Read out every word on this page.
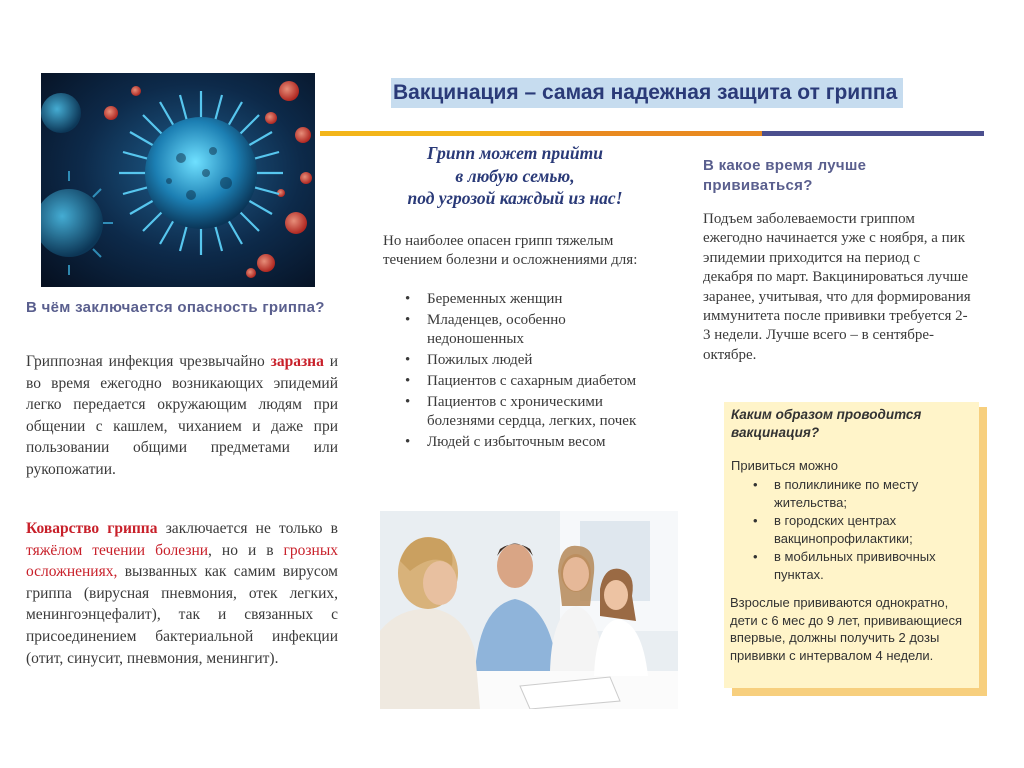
Вакцинация – самая надежная защита от гриппа
В чём заключается опасность гриппа?
Гриппозная инфекция чрезвычайно заразна и во время ежегодно возникающих эпидемий легко передается окружающим людям при общении с кашлем, чиханием и даже при пользовании общими предметами или рукопожатии.
Коварство гриппа заключается не только в тяжёлом течении болезни, но и в грозных осложнениях, вызванных как самим вирусом гриппа (вирусная пневмония, отек легких, менингоэнцефалит), так и связанных с присоединением бактериальной инфекции (отит, синусит, пневмония, менингит).
Грипп может прийти
в любую семью,
под угрозой каждый из нас!
Но наиболее опасен грипп тяжелым течением болезни и осложнениями для:
• Беременных женщин
• Младенцев, особенно недоношенных
• Пожилых людей
• Пациентов с сахарным диабетом
• Пациентов с хроническими болезнями сердца, легких, почек
• Людей с избыточным весом
В какое время лучше прививаться?
Подъем заболеваемости гриппом ежегодно начинается уже с ноября, а пик эпидемии приходится на период с декабря по март. Вакцинироваться лучше заранее, учитывая, что для формирования иммунитета после прививки требуется 2-3 недели. Лучше всего – в сентябре-октябре.
Каким образом проводится вакцинация?
Привиться можно
• в поликлинике по месту жительства;
• в городских центрах вакцинопрофилактики;
• в мобильных прививочных пунктах.
Взрослые прививаются однократно, дети с 6 мес до 9 лет, прививающиеся впервые, должны получить 2 дозы прививки с интервалом 4 недели.
